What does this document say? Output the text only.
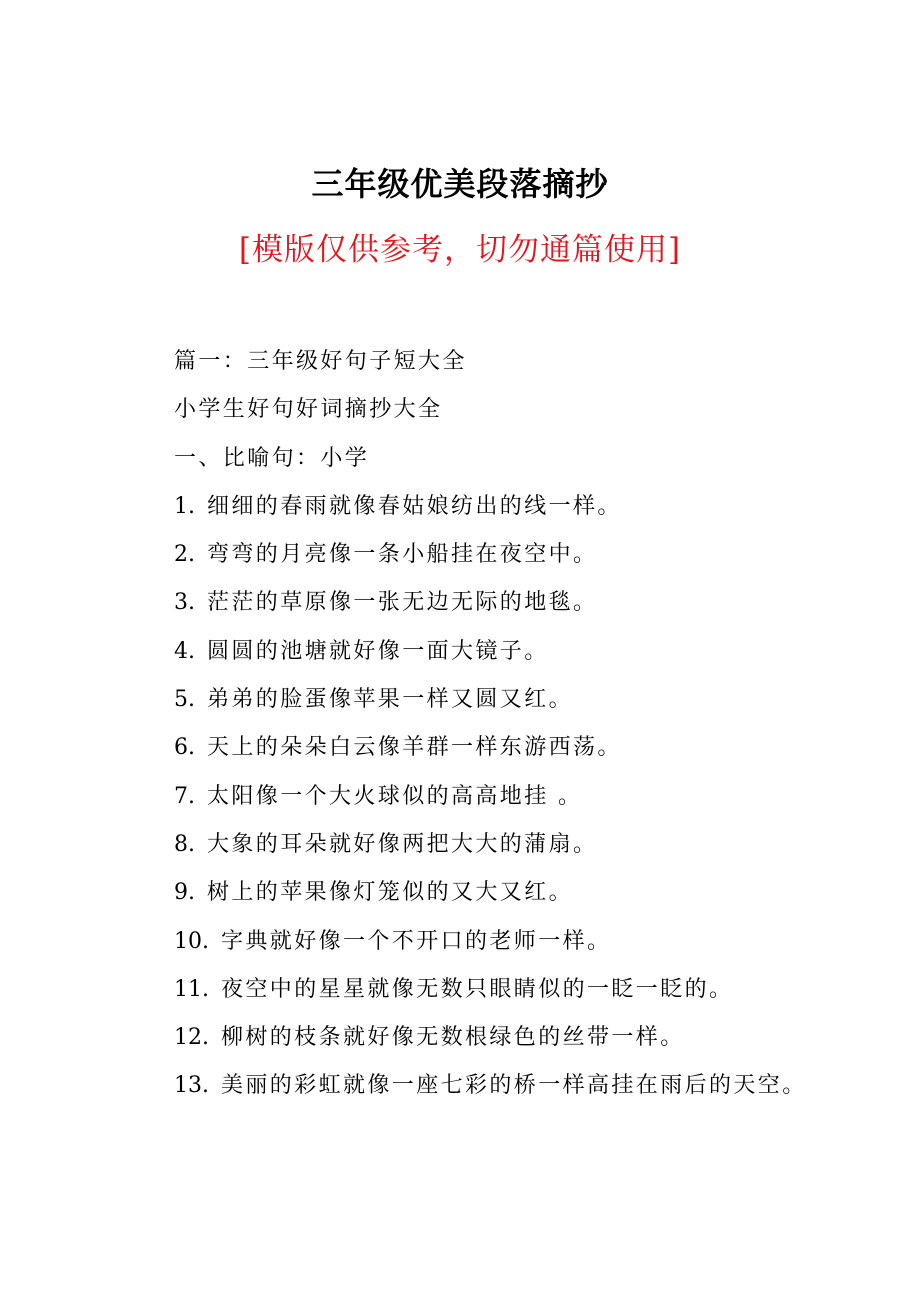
三年级优美段落摘抄
[模版仅供参考，切勿通篇使用]
篇一：三年级好句子短大全
小学生好句好词摘抄大全
一、比喻句：小学
1. 细细的春雨就像春姑娘纺出的线一样。
2. 弯弯的月亮像一条小船挂在夜空中。
3. 茫茫的草原像一张无边无际的地毯。
4. 圆圆的池塘就好像一面大镜子。
5. 弟弟的脸蛋像苹果一样又圆又红。
6. 天上的朵朵白云像羊群一样东游西荡。
7. 太阳像一个大火球似的高高地挂 。
8. 大象的耳朵就好像两把大大的蒲扇。
9. 树上的苹果像灯笼似的又大又红。
10. 字典就好像一个不开口的老师一样。
11. 夜空中的星星就像无数只眼睛似的一眨一眨的。
12. 柳树的枝条就好像无数根绿色的丝带一样。
13. 美丽的彩虹就像一座七彩的桥一样高挂在雨后的天空。
